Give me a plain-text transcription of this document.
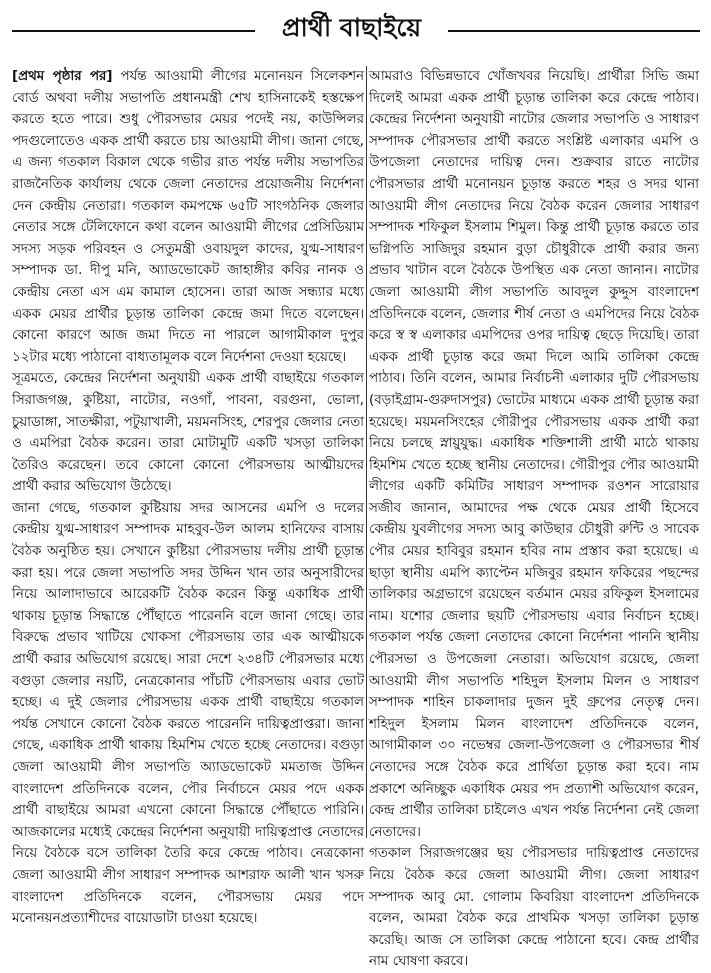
প্রার্থী বাছাইয়ে

[প্রথম পৃষ্ঠার পর] পর্যন্ত আওয়ামী লীগের মনোনয়ন সিলেকশন বোর্ড অথবা দলীয় সভাপতি প্রধানমন্ত্রী শেখ হাসিনাকেই হস্তক্ষেপ করতে হতে পারে। শুধু পৌরসভার মেয়র পদেই নয়, কাউন্সিলর পদগুলোতেও একক প্রার্থী করতে চায় আওয়ামী লীগ। জানা গেছে, এ জন্য গতকাল বিকাল থেকে গভীর রাত পর্যন্ত দলীয় সভাপতির রাজনৈতিক কার্যালয় থেকে জেলা নেতাদের প্রয়োজনীয় নির্দেশনা দেন কেন্দ্রীয় নেতারা। গতকাল কমপক্ষে ৬৫টি সাংগঠনিক জেলার নেতার সঙ্গে টেলিফোনে কথা বলেন আওয়ামী লীগের প্রেসিডিয়াম সদস্য সড়ক পরিবহন ও সেতুমন্ত্রী ওবায়দুল কাদের, যুগ্ম-সাধারণ সম্পাদক ডা. দীপু মনি, অ্যাডভোকেট জাহাঙ্গীর কবির নানক ও কেন্দ্রীয় নেতা এস এম কামাল হোসেন। তারা আজ সন্ধ্যার মধ্যে একক মেয়র প্রার্থীর চূড়ান্ত তালিকা কেন্দ্রে জমা দিতে বলেছেন। কোনো কারণে আজ জমা দিতে না পারলে আগামীকাল দুপুর ১২টার মধ্যে পাঠানো বাধ্যতামূলক বলে নির্দেশনা দেওয়া হয়েছে।

সূত্রমতে, কেন্দ্রের নির্দেশনা অনুযায়ী একক প্রার্থী বাছাইয়ে গতকাল সিরাজগঞ্জ, কুষ্টিয়া, নাটোর, নওগাঁ, পাবনা, বরগুনা, ভোলা, চুয়াডাঙ্গা, সাতক্ষীরা, পটুয়াখালী, ময়মনসিংহ, শেরপুর জেলার নেতা ও এমপিরা বৈঠক করেন। তারা মোটামুটি একটি খসড়া তালিকা তৈরিও করেছেন। তবে কোনো কোনো পৌরসভায় আত্মীয়দের প্রার্থী করার অভিযোগ উঠেছে।

জানা গেছে, গতকাল কুষ্টিয়ায় সদর আসনের এমপি ও দলের কেন্দ্রীয় যুগ্ম-সাধারণ সম্পাদক মাহবুব-উল আলম হানিফের বাসায় বৈঠক অনুষ্ঠিত হয়। সেখানে কুষ্টিয়া পৌরসভায় দলীয় প্রার্থী চূড়ান্ত করা হয়। পরে জেলা সভাপতি সদর উদ্দিন খান তার অনুসারীদের নিয়ে আলাদাভাবে আরেকটি বৈঠক করেন কিন্তু একাধিক প্রার্থী থাকায় চূড়ান্ত সিদ্ধান্তে পৌঁছাতে পারেননি বলে জানা গেছে। তার বিরুদ্ধে প্রভাব খাটিয়ে খোকসা পৌরসভায় তার এক আত্মীয়কে প্রার্থী করার অভিযোগ রয়েছে। সারা দেশে ২৩৪টি পৌরসভার মধ্যে বগুড়া জেলার নয়টি, নেত্রকোনার পাঁচটি পৌরসভায় এবার ভোট হচ্ছে। এ দুই জেলার পৌরসভায় একক প্রার্থী বাছাইয়ে গতকাল পর্যন্ত সেখানে কোনো বৈঠক করতে পারেননি দায়িত্বপ্রাপ্তরা। জানা গেছে, একাধিক প্রার্থী থাকায় হিমশিম খেতে হচ্ছে নেতাদের। বগুড়া জেলা আওয়ামী লীগ সভাপতি অ্যাডভোকেট মমতাজ উদ্দিন বাংলাদেশ প্রতিদিনকে বলেন, পৌর নির্বাচনে মেয়র পদে একক প্রার্থী বাছাইয়ে আমরা এখনো কোনো সিদ্ধান্তে পৌঁছাতে পারিনি। আজকালের মধ্যেই কেন্দ্রের নির্দেশনা অনুযায়ী দায়িত্বপ্রাপ্ত নেতাদের নিয়ে বৈঠকে বসে তালিকা তৈরি করে কেন্দ্রে পাঠাব। নেত্রকোনা জেলা আওয়ামী লীগ সাধারণ সম্পাদক আশরাফ আলী খান খসরু বাংলাদেশ প্রতিদিনকে বলেন, পৌরসভায় মেয়র পদে মনোনয়নপ্রত্যাশীদের বায়োডাটা চাওয়া হয়েছে।

আমরাও বিভিন্নভাবে খোঁজখবর নিয়েছি। প্রার্থীরা সিভি জমা দিলেই আমরা একক প্রার্থী চূড়ান্ত তালিকা করে কেন্দ্রে পাঠাব। কেন্দ্রের নির্দেশনা অনুযায়ী নাটোর জেলার সভাপতি ও সাধারণ সম্পাদক পৌরসভার প্রার্থী করতে সংশ্লিষ্ট এলাকার এমপি ও উপজেলা নেতাদের দায়িত্ব দেন। শুক্রবার রাতে নাটোর পৌরসভার প্রার্থী মনোনয়ন চূড়ান্ত করতে শহর ও সদর থানা আওয়ামী লীগ নেতাদের নিয়ে বৈঠক করেন জেলার সাধারণ সম্পাদক শফিকুল ইসলাম শিমুল। কিন্তু প্রার্থী চূড়ান্ত করতে তার ভগ্নিপতি সাজিদুর রহমান বুড়া চৌধুরীকে প্রার্থী করার জন্য প্রভাব খাটান বলে বৈঠকে উপস্থিত এক নেতা জানান। নাটোর জেলা আওয়ামী লীগ সভাপতি আবদুল কুদ্দুস বাংলাদেশ প্রতিদিনকে বলেন, জেলার শীর্ষ নেতা ও এমপিদের নিয়ে বৈঠক করে স্ব স্ব এলাকার এমপিদের ওপর দায়িত্ব ছেড়ে দিয়েছি। তারা একক প্রার্থী চূড়ান্ত করে জমা দিলে আমি তালিকা কেন্দ্রে পাঠাব। তিনি বলেন, আমার নির্বাচনী এলাকার দুটি পৌরসভায় (বড়াইগ্রাম-গুরুদাসপুর) ভোটের মাধ্যমে একক প্রার্থী চূড়ান্ত করা হয়েছে। ময়মনসিংহের গৌরীপুর পৌরসভায় একক প্রার্থী করা নিয়ে চলছে স্নায়ুযুদ্ধ। একাধিক শক্তিশালী প্রার্থী মাঠে থাকায় হিমশিম খেতে হচ্ছে স্থানীয় নেতাদের। গৌরীপুর পৌর আওয়ামী লীগের একটি কমিটির সাধারণ সম্পাদক রওশন সারোয়ার সজীব জানান, আমাদের পক্ষ থেকে মেয়র প্রার্থী হিসেবে কেন্দ্রীয় যুবলীগের সদস্য আবু কাউছার চৌধুরী রুন্টি ও সাবেক পৌর মেয়র হাবিবুর রহমান হবির নাম প্রস্তাব করা হয়েছে। এ ছাড়া স্থানীয় এমপি ক্যাপ্টেন মজিবুর রহমান ফকিরের পছন্দের তালিকার অগ্রভাগে রয়েছেন বর্তমান মেয়র রফিকুল ইসলামের নাম। যশোর জেলার ছয়টি পৌরসভায় এবার নির্বাচন হচ্ছে। গতকাল পর্যন্ত জেলা নেতাদের কোনো নির্দেশনা পাননি স্থানীয় পৌরসভা ও উপজেলা নেতারা। অভিযোগ রয়েছে, জেলা আওয়ামী লীগ সভাপতি শহিদুল ইসলাম মিলন ও সাধারণ সম্পাদক শাহিন চাকলাদার দুজন দুই গ্রুপের নেতৃত্ব দেন। শহিদুল ইসলাম মিলন বাংলাদেশ প্রতিদিনকে বলেন, আগামীকাল ৩০ নভেম্বর জেলা-উপজেলা ও পৌরসভার শীর্ষ নেতাদের সঙ্গে বৈঠক করে প্রার্থিতা চূড়ান্ত করা হবে। নাম প্রকাশে অনিচ্ছুক একাধিক মেয়র পদ প্রত্যাশী অভিযোগ করেন, কেন্দ্র প্রার্থীর তালিকা চাইলেও এখন পর্যন্ত নির্দেশনা নেই জেলা নেতাদের।

গতকাল সিরাজগঞ্জের ছয় পৌরসভার দায়িত্বপ্রাপ্ত নেতাদের নিয়ে বৈঠক করে জেলা আওয়ামী লীগ। জেলা সাধারণ সম্পাদক আবু মো. গোলাম কিবরিয়া বাংলাদেশ প্রতিদিনকে বলেন, আমরা বৈঠক করে প্রাথমিক খসড়া তালিকা চূড়ান্ত করেছি। আজ সে তালিকা কেন্দ্রে পাঠানো হবে। কেন্দ্র প্রার্থীর নাম ঘোষণা করবে।
